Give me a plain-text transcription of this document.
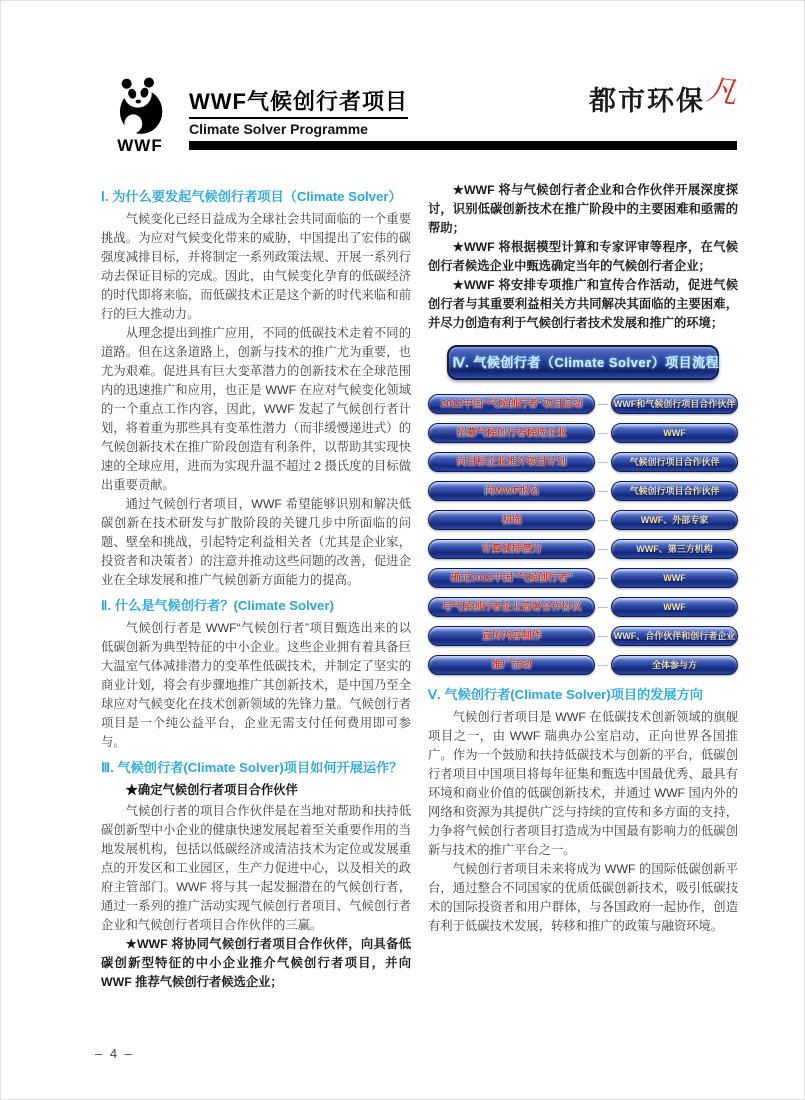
WWF
WWF气候创行者项目
Climate Solver Programme
都市环保 凡
Ⅰ. 为什么要发起气候创行者项目（Climate Solver）

气候变化已经日益成为全球社会共同面临的一个重要挑战。为应对气候变化带来的威胁，中国提出了宏伟的碳强度减排目标，并将制定一系列政策法规、开展一系列行动去保证目标的完成。因此，由气候变化孕育的低碳经济的时代即将来临，而低碳技术正是这个新的时代来临和前行的巨大推动力。

从理念提出到推广应用，不同的低碳技术走着不同的道路。但在这条道路上，创新与技术的推广尤为重要，也尤为艰难。促进具有巨大变革潜力的创新技术在全球范围内的迅速推广和应用，也正是 WWF 在应对气候变化领域的一个重点工作内容，因此，WWF 发起了气候创行者计划，将着重为那些具有变革性潜力（而非缓慢递进式）的气候创新技术在推广阶段创造有利条件，以帮助其实现快速的全球应用，进而为实现升温不超过 2 摄氏度的目标做出重要贡献。

通过气候创行者项目，WWF 希望能够识别和解决低碳创新在技术研发与扩散阶段的关键几步中所面临的问题、壁垒和挑战，引起特定利益相关者（尤其是企业家，投资者和决策者）的注意并推动这些问题的改善，促进企业在全球发展和推广气候创新方面能力的提高。

Ⅱ. 什么是气候创行者？(Climate Solver)

气候创行者是 WWF“气候创行者”项目甄选出来的以低碳创新为典型特征的中小企业。这些企业拥有着具备巨大温室气体减排潜力的变革性低碳技术，并制定了坚实的商业计划，将会有步骤地推广其创新技术，是中国乃至全球应对气候变化在技术创新领域的先锋力量。气候创行者项目是一个纯公益平台，企业无需支付任何费用即可参与。

Ⅲ. 气候创行者(Climate Solver)项目如何开展运作？
★确定气候创行者项目合作伙伴

气候创行者的项目合作伙伴是在当地对帮助和扶持低碳创新型中小企业的健康快速发展起着至关重要作用的当地发展机构，包括以低碳经济或清洁技术为定位或发展重点的开发区和工业园区，生产力促进中心，以及相关的政府主管部门。WWF 将与其一起发掘潜在的气候创行者，通过一系列的推广活动实现气候创行者项目、气候创行者企业和气候创行者项目合作伙伴的三赢。

★WWF 将协同气候创行者项目合作伙伴，向具备低碳创新型特征的中小企业推介气候创行者项目，并向 WWF 推荐气候创行者候选企业；

★WWF 将与气候创行者企业和合作伙伴开展深度探讨，识别低碳创新技术在推广阶段中的主要困难和亟需的帮助；

★WWF 将根据模型计算和专家评审等程序，在气候创行者候选企业中甄选确定当年的气候创行者企业；

★WWF 将安排专项推广和宣传合作活动，促进气候创行者与其重要利益相关方共同解决其面临的主要困难，并尽力创造有利于气候创行者技术发展和推广的环境；

Ⅳ. 气候创行者（Climate Solver）项目流程
2012中国“气候创行者”项目启动	WWF和气候创行项目合作伙伴
招募气候创行者候选企业	WWF
向目标企业推介项目计划	气候创行项目合作伙伴
向WWF报名	气候创行项目合作伙伴
初选	WWF、外部专家
计算减排潜力	WWF、第三方机构
确定2012中国“气候创行者”	WWF
与气候创行者企业签署合作协议	WWF
宣传内容制作	WWF、合作伙伴和创行者企业
推广活动	全体参与方
Ⅴ. 气候创行者(Climate Solver)项目的发展方向

气候创行者项目是 WWF 在低碳技术创新领域的旗舰项目之一，由 WWF 瑞典办公室启动，正向世界各国推广。作为一个鼓励和扶持低碳技术与创新的平台，低碳创行者项目中国项目将每年征集和甄选中国最优秀、最具有环境和商业价值的低碳创新技术，并通过 WWF 国内外的网络和资源为其提供广泛与持续的宣传和多方面的支持，力争将气候创行者项目打造成为中国最有影响力的低碳创新与技术的推广平台之一。

气候创行者项目未来将成为 WWF 的国际低碳创新平台，通过整合不同国家的优质低碳创新技术，吸引低碳技术的国际投资者和用户群体，与各国政府一起协作，创造有利于低碳技术发展，转移和推广的政策与融资环境。

– 4 –
